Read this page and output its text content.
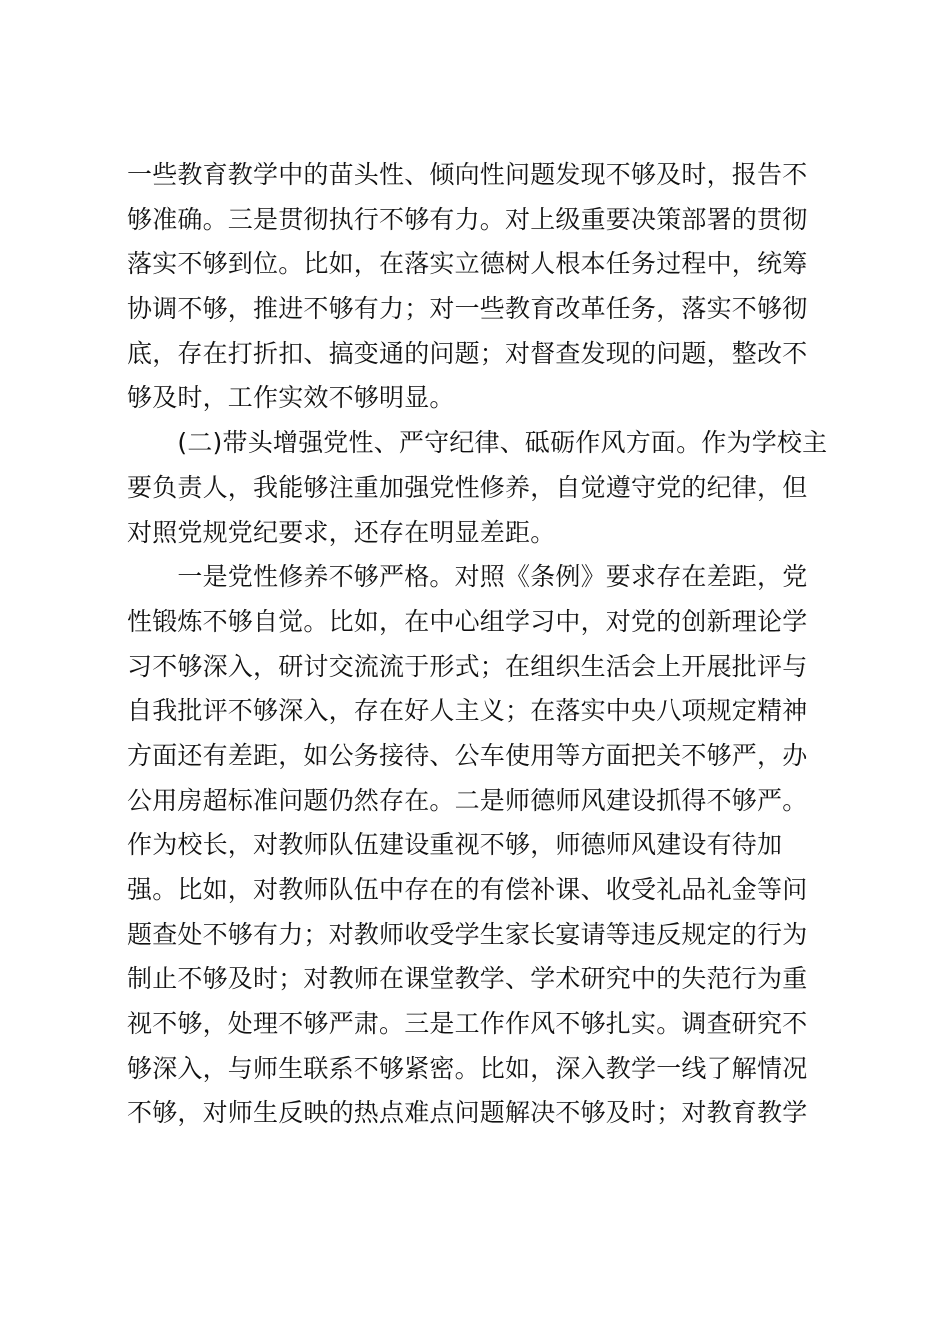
一些教育教学中的苗头性、倾向性问题发现不够及时，报告不
够准确。三是贯彻执行不够有力。对上级重要决策部署的贯彻
落实不够到位。比如，在落实立德树人根本任务过程中，统筹
协调不够，推进不够有力；对一些教育改革任务，落实不够彻
底，存在打折扣、搞变通的问题；对督查发现的问题，整改不
够及时，工作实效不够明显。
　　(二)带头增强党性、严守纪律、砥砺作风方面。作为学校主
要负责人，我能够注重加强党性修养，自觉遵守党的纪律，但
对照党规党纪要求，还存在明显差距。
　　一是党性修养不够严格。对照《条例》要求存在差距，党
性锻炼不够自觉。比如，在中心组学习中，对党的创新理论学
习不够深入，研讨交流流于形式；在组织生活会上开展批评与
自我批评不够深入，存在好人主义；在落实中央八项规定精神
方面还有差距，如公务接待、公车使用等方面把关不够严，办
公用房超标准问题仍然存在。二是师德师风建设抓得不够严。
作为校长，对教师队伍建设重视不够，师德师风建设有待加
强。比如，对教师队伍中存在的有偿补课、收受礼品礼金等问
题查处不够有力；对教师收受学生家长宴请等违反规定的行为
制止不够及时；对教师在课堂教学、学术研究中的失范行为重
视不够，处理不够严肃。三是工作作风不够扎实。调查研究不
够深入，与师生联系不够紧密。比如，深入教学一线了解情况
不够，对师生反映的热点难点问题解决不够及时；对教育教学
